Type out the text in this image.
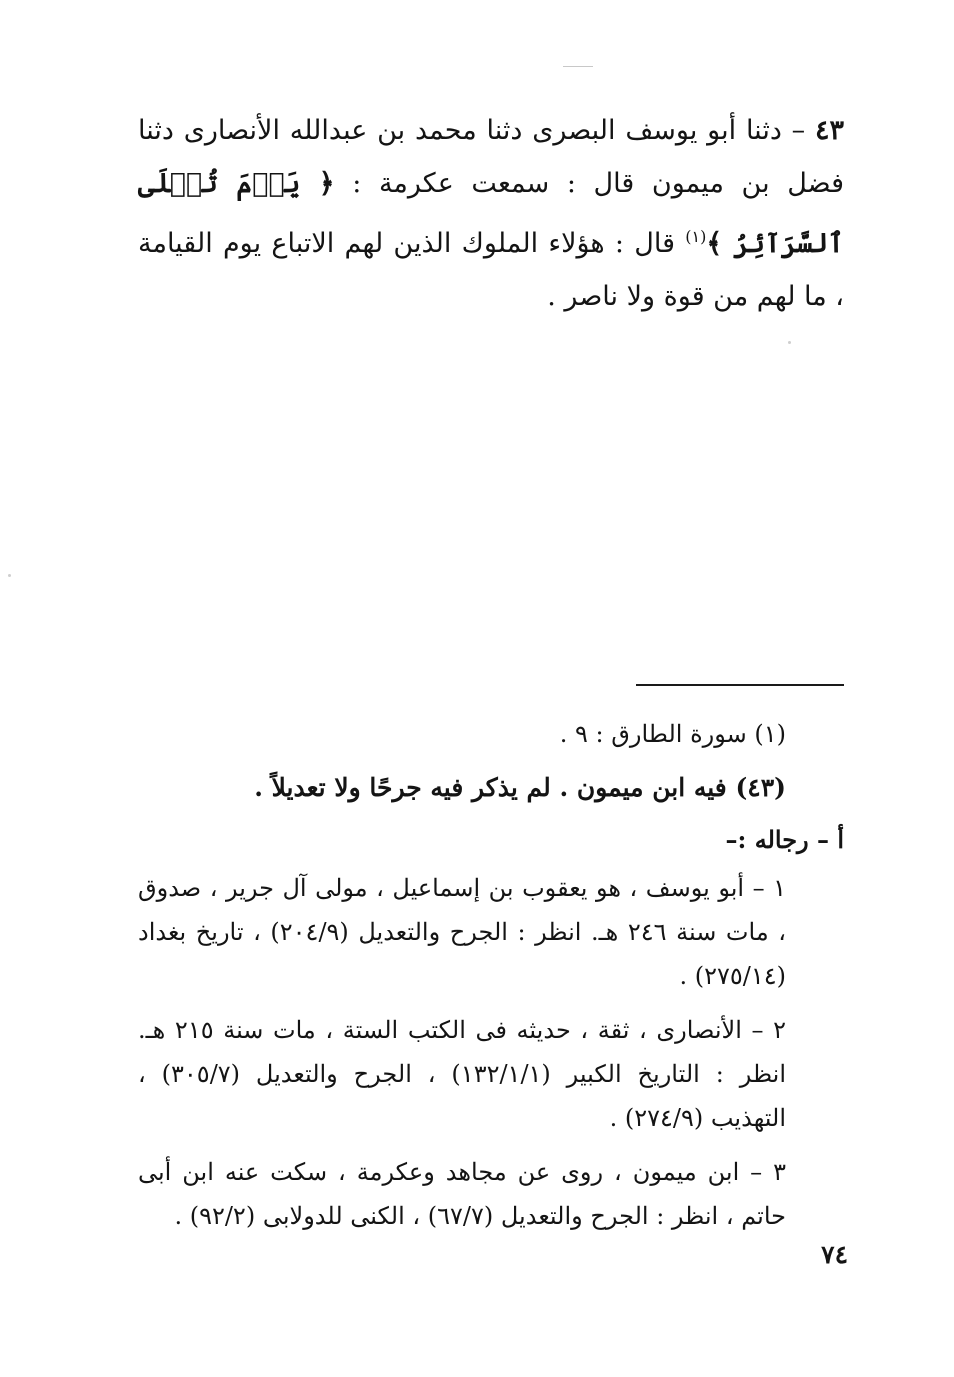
٤٣ – دثنا أبو يوسف البصرى دثنا محمد بن عبدالله الأنصارى دثنا فضل بن ميمون قال : سمعت عكرمة : ﴿ يَوۡمَ تُبۡلَى ٱلسَّرَآئِرُ ﴾$^{(١)}$ قال : هؤلاء الملوك الذين لهم الاتباع يوم القيامة ، ما لهم من قوة ولا ناصر .

(١) سورة الطارق : ٩ .

(٤٣) فيه ابن ميمون . لم يذكر فيه جرحًا ولا تعديلاً .

أ – رجاله :–

١ – أبو يوسف ، هو يعقوب بن إسماعيل ، مولى آل جرير ، صدوق ، مات سنة ٢٤٦ هـ. انظر : الجرح والتعديل (٢٠٤/٩) ، تاريخ بغداد (٢٧٥/١٤) .

٢ – الأنصارى ، ثقة ، حديثه فى الكتب الستة ، مات سنة ٢١٥ هـ. انظر : التاريخ الكبير (١٣٢/١/١) ، الجرح والتعديل (٣٠٥/٧) ، التهذيب (٢٧٤/٩) .

٣ – ابن ميمون ، روى عن مجاهد وعكرمة ، سكت عنه ابن أبى حاتم ، انظر : الجرح والتعديل (٦٧/٧) ، الكنى للدولابى (٩٢/٢) .

٧٤
